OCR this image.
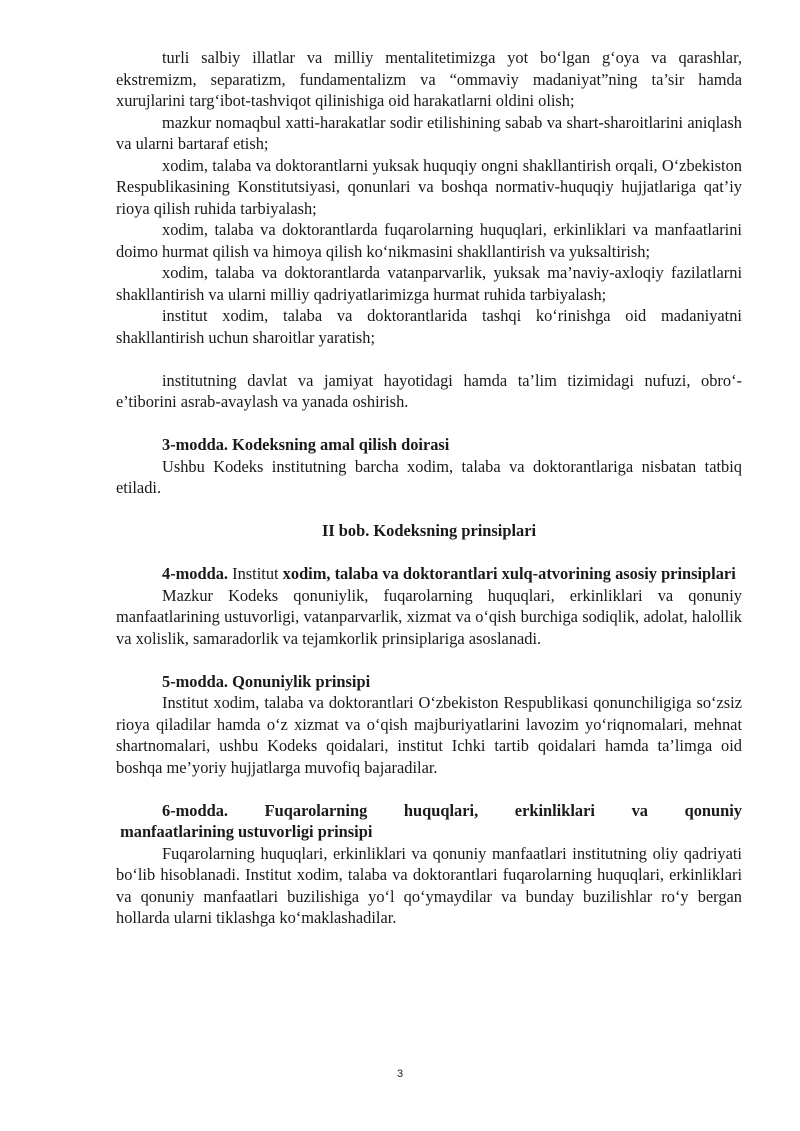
turli salbiy illatlar va milliy mentalitetimizga yot bo‘lgan g‘oya va qarashlar, ekstremizm, separatizm, fundamentalizm va “ommaviy madaniyat”ning ta’sir hamda xurujlarini targ‘ibot-tashviqot qilinishiga oid harakatlarni oldini olish;

mazkur nomaqbul xatti-harakatlar sodir etilishining sabab va shart-sharoitlarini aniqlash va ularni bartaraf etish;

xodim, talaba va doktorantlarni yuksak huquqiy ongni shakllantirish orqali, O‘zbekiston Respublikasining Konstitutsiyasi, qonunlari va boshqa normativ-huquqiy hujjatlariga qat’iy rioya qilish ruhida tarbiyalash;

xodim, talaba va doktorantlarda fuqarolarning huquqlari, erkinliklari va manfaatlarini doimo hurmat qilish va himoya qilish ko‘nikmasini shakllantirish va yuksaltirish;

xodim, talaba va doktorantlarda vatanparvarlik, yuksak ma’naviy-axloqiy fazilatlarni shakllantirish va ularni milliy qadriyatlarimizga hurmat ruhida tarbiyalash;

institut xodim, talaba va doktorantlarida tashqi ko‘rinishga oid madaniyatni shakllantirish uchun sharoitlar yaratish;

institutning davlat va jamiyat hayotidagi hamda ta’lim tizimidagi nufuzi, obro‘-e’tiborini asrab-avaylash va yanada oshirish.

3-modda. Kodeksning amal qilish doirasi

Ushbu Kodeks institutning barcha xodim, talaba va doktorantlariga nisbatan tatbiq etiladi.

II bob. Kodeksning prinsiplari

4-modda. Institut xodim, talaba va doktorantlari xulq-atvorining asosiy prinsiplari

Mazkur Kodeks qonuniylik, fuqarolarning huquqlari, erkinliklari va qonuniy manfaatlarining ustuvorligi, vatanparvarlik, xizmat va o‘qish burchiga sodiqlik, adolat, halollik va xolislik, samaradorlik va tejamkorlik prinsiplariga asoslanadi.

5-modda. Qonuniylik prinsipi

Institut xodim, talaba va doktorantlari O‘zbekiston Respublikasi qonunchiligiga so‘zsiz rioya qiladilar hamda o‘z xizmat va o‘qish majburiyatlarini lavozim yo‘riqnomalari, mehnat shartnomalari, ushbu Kodeks qoidalari, institut Ichki tartib qoidalari hamda ta’limga oid boshqa me’yoriy hujjatlarga muvofiq bajaradilar.

6-modda. Fuqarolarning huquqlari, erkinliklari va qonuniy

manfaatlarining ustuvorligi prinsipi

Fuqarolarning huquqlari, erkinliklari va qonuniy manfaatlari institutning oliy qadriyati bo‘lib hisoblanadi. Institut xodim, talaba va doktorantlari fuqarolarning huquqlari, erkinliklari va qonuniy manfaatlari buzilishiga yo‘l qo‘ymaydilar va bunday buzilishlar ro‘y bergan hollarda ularni tiklashga ko‘maklashadilar.

3
